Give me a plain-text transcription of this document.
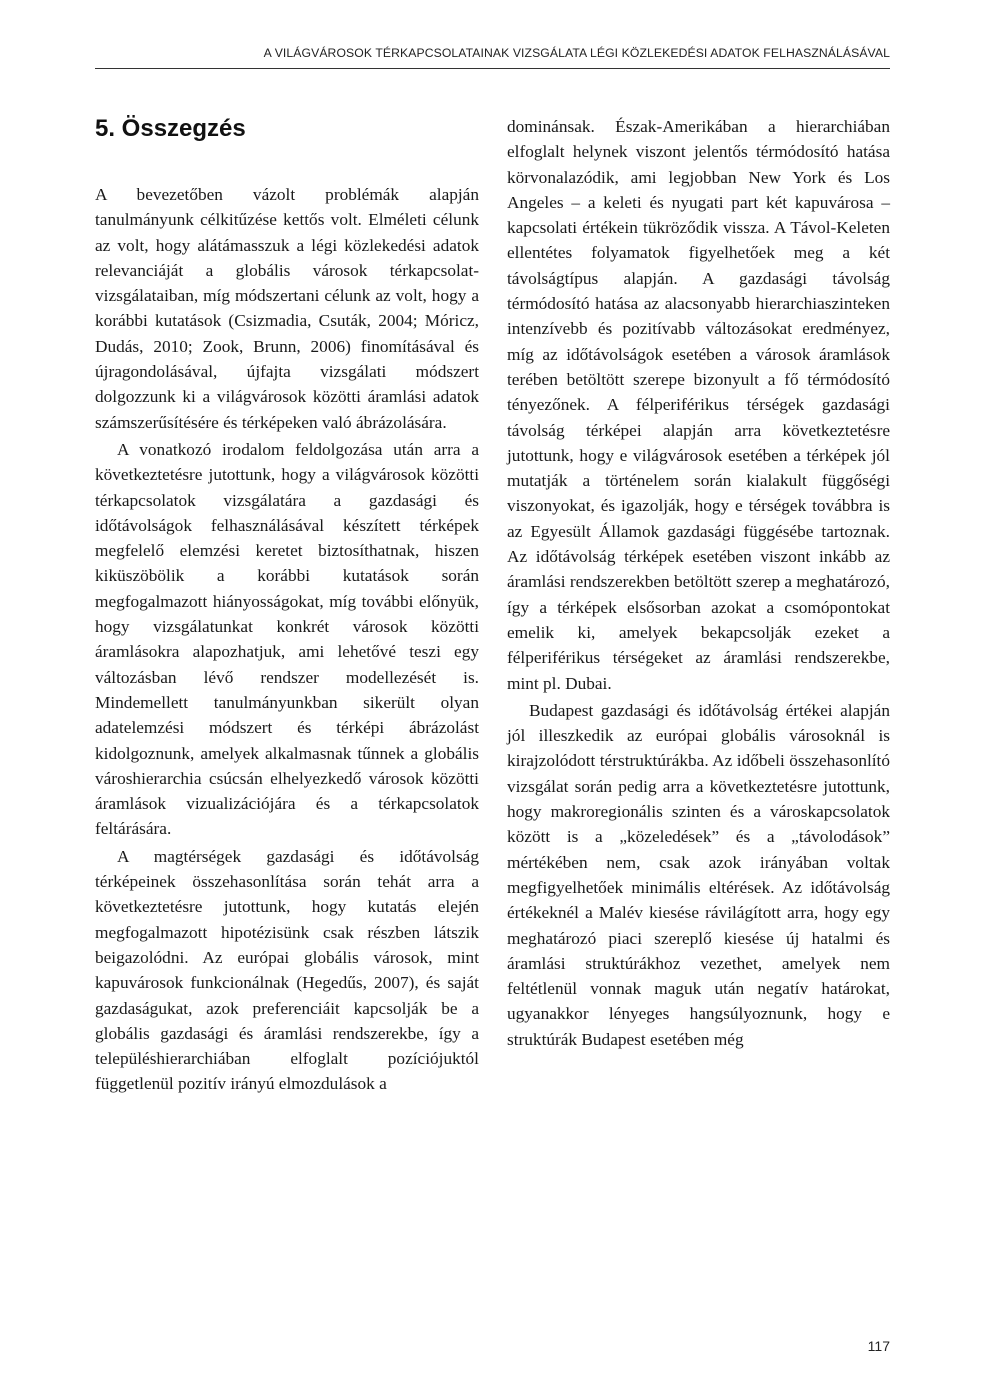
A VILÁGVÁROSOK TÉRKAPCSOLATAINAK VIZSGÁLATA LÉGI KÖZLEKEDÉSI ADATOK FELHASZNÁLÁSÁVAL
5. Összegzés

A bevezetőben vázolt problémák alapján tanulmányunk célkitűzése kettős volt. Elméleti célunk az volt, hogy alátámasszuk a légi közlekedési adatok relevanciáját a globális városok térkapcsolat-vizsgálataiban, míg módszertani célunk az volt, hogy a korábbi kutatások (Csizmadia, Csuták, 2004; Móricz, Dudás, 2010; Zook, Brunn, 2006) finomításával és újragondolásával, újfajta vizsgálati módszert dolgozzunk ki a világvárosok közötti áramlási adatok számszerűsítésére és térképeken való ábrázolására.

A vonatkozó irodalom feldolgozása után arra a következtetésre jutottunk, hogy a világvárosok közötti térkapcsolatok vizsgálatára a gazdasági és időtávolságok felhasználásával készített térképek megfelelő elemzési keretet biztosíthatnak, hiszen kiküszöbölik a korábbi kutatások során megfogalmazott hiányosságokat, míg további előnyük, hogy vizsgálatunkat konkrét városok közötti áramlásokra alapozhatjuk, ami lehetővé teszi egy változásban lévő rendszer modellezését is. Mindemellett tanulmányunkban sikerült olyan adatelemzési módszert és térképi ábrázolást kidolgoznunk, amelyek alkalmasnak tűnnek a globális városhierarchia csúcsán elhelyezkedő városok közötti áramlások vizualizációjára és a térkapcsolatok feltárására.

A magtérségek gazdasági és időtávolság térképeinek összehasonlítása során tehát arra a következtetésre jutottunk, hogy kutatás elején megfogalmazott hipotézisünk csak részben látszik beigazolódni. Az európai globális városok, mint kapuvárosok funkcionálnak (Hegedűs, 2007), és saját gazdaságukat, azok preferenciáit kapcsolják be a globális gazdasági és áramlási rendszerekbe, így a településhierarchiában elfoglalt pozíciójuktól függetlenül pozitív irányú elmozdulások a

dominánsak. Észak-Amerikában a hierarchiában elfoglalt helynek viszont jelentős térmódosító hatása körvonalazódik, ami legjobban New York és Los Angeles – a keleti és nyugati part két kapuvárosa – kapcsolati értékein tükröződik vissza. A Távol-Keleten ellentétes folyamatok figyelhetőek meg a két távolságtípus alapján. A gazdasági távolság térmódosító hatása az alacsonyabb hierarchiaszinteken intenzívebb és pozitívabb változásokat eredményez, míg az időtávolságok esetében a városok áramlások terében betöltött szerepe bizonyult a fő térmódosító tényezőnek. A félperiférikus térségek gazdasági távolság térképei alapján arra következtetésre jutottunk, hogy e világvárosok esetében a térképek jól mutatják a történelem során kialakult függőségi viszonyokat, és igazolják, hogy e térségek továbbra is az Egyesült Államok gazdasági függésébe tartoznak. Az időtávolság térképek esetében viszont inkább az áramlási rendszerekben betöltött szerep a meghatározó, így a térképek elsősorban azokat a csomópontokat emelik ki, amelyek bekapcsolják ezeket a félperiférikus térségeket az áramlási rendszerekbe, mint pl. Dubai.

Budapest gazdasági és időtávolság értékei alapján jól illeszkedik az európai globális városoknál is kirajzolódott térstruktúrákba. Az időbeli összehasonlító vizsgálat során pedig arra a következtetésre jutottunk, hogy makroregionális szinten és a városkapcsolatok között is a „közeledések” és a „távolodások” mértékében nem, csak azok irányában voltak megfigyelhetőek minimális eltérések. Az időtávolság értékeknél a Malév kiesése rávilágított arra, hogy egy meghatározó piaci szereplő kiesése új hatalmi és áramlási struktúrákhoz vezethet, amelyek nem feltétlenül vonnak maguk után negatív határokat, ugyanakkor lényeges hangsúlyoznunk, hogy e struktúrák Budapest esetében még

117
